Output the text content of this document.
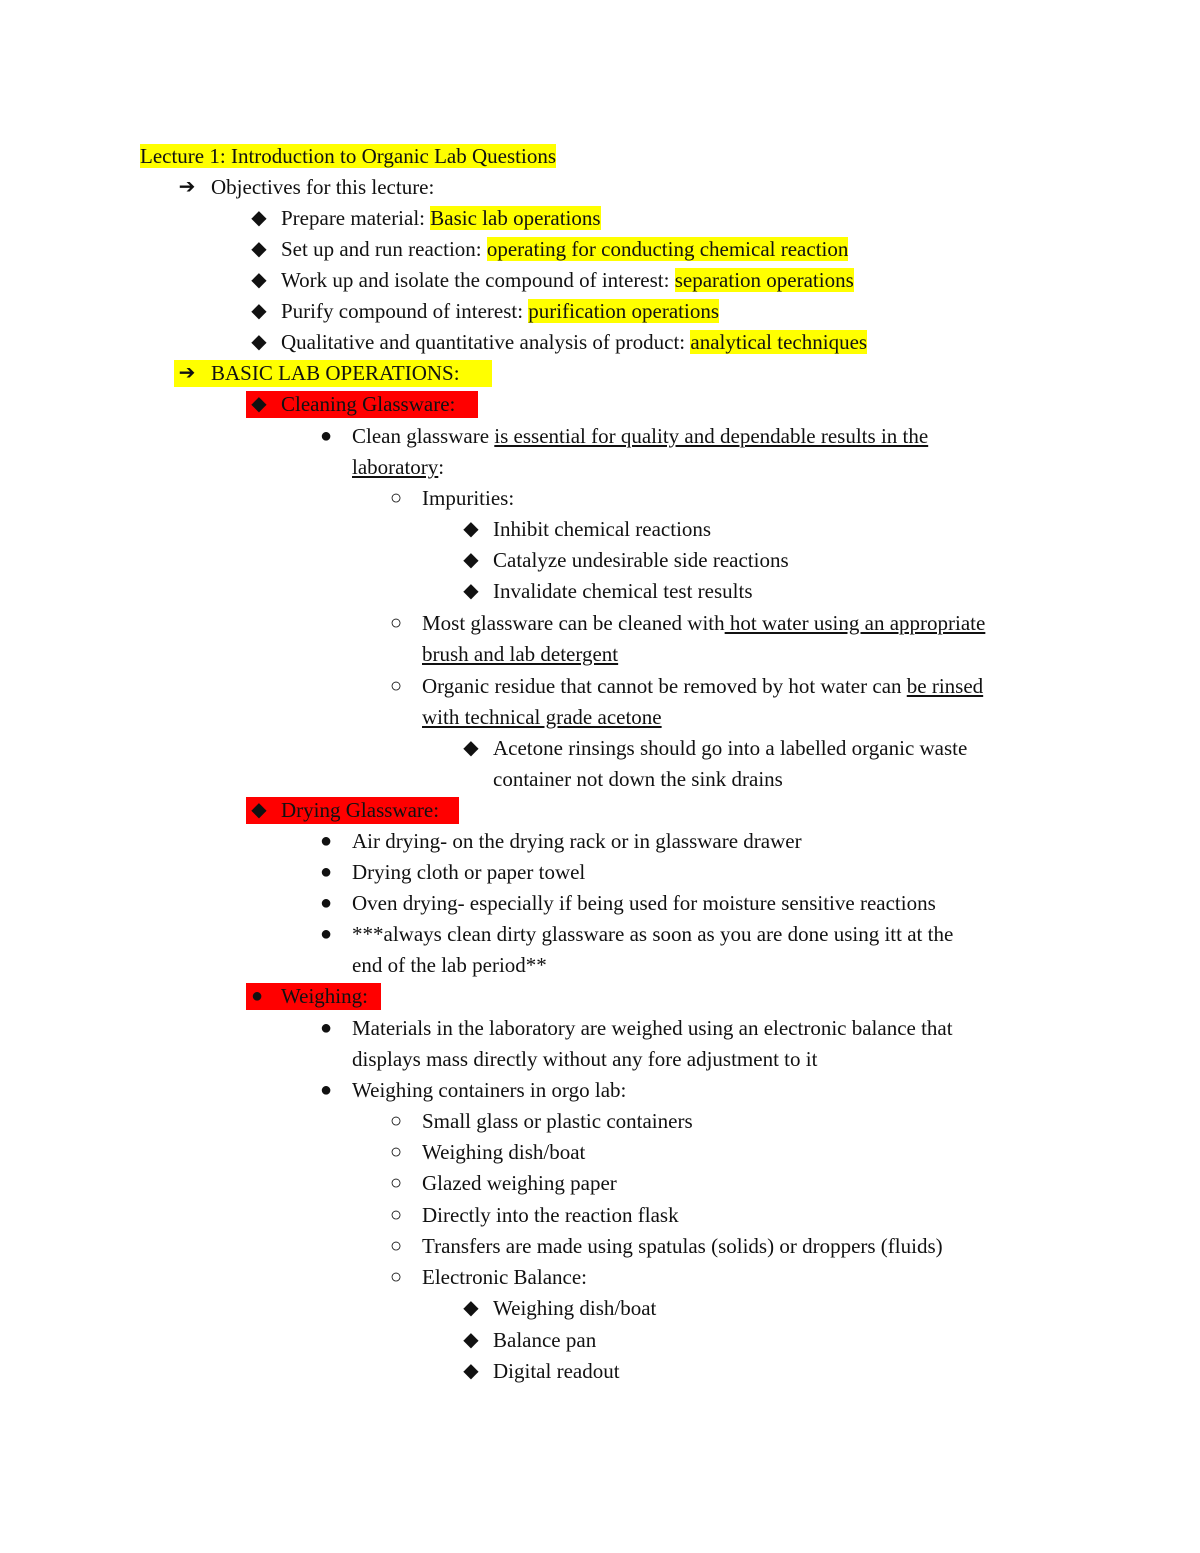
Lecture 1: Introduction to Organic Lab Questions
➔ Objectives for this lecture:
◆ Prepare material: Basic lab operations
◆ Set up and run reaction: operating for conducting chemical reaction
◆ Work up and isolate the compound of interest: separation operations
◆ Purify compound of interest: purification operations
◆ Qualitative and quantitative analysis of product: analytical techniques
➔ BASIC LAB OPERATIONS:
◆ Cleaning Glassware:
● Clean glassware is essential for quality and dependable results in the
laboratory:
○ Impurities:
◆ Inhibit chemical reactions
◆ Catalyze undesirable side reactions
◆ Invalidate chemical test results
○ Most glassware can be cleaned with hot water using an appropriate
brush and lab detergent
○ Organic residue that cannot be removed by hot water can be rinsed
with technical grade acetone
◆ Acetone rinsings should go into a labelled organic waste
container not down the sink drains
◆ Drying Glassware:
● Air drying- on the drying rack or in glassware drawer
● Drying cloth or paper towel
● Oven drying- especially if being used for moisture sensitive reactions
● ***always clean dirty glassware as soon as you are done using itt at the
end of the lab period**
● Weighing:
● Materials in the laboratory are weighed using an electronic balance that
displays mass directly without any fore adjustment to it
● Weighing containers in orgo lab:
○ Small glass or plastic containers
○ Weighing dish/boat
○ Glazed weighing paper
○ Directly into the reaction flask
○ Transfers are made using spatulas (solids) or droppers (fluids)
○ Electronic Balance:
◆ Weighing dish/boat
◆ Balance pan
◆ Digital readout
